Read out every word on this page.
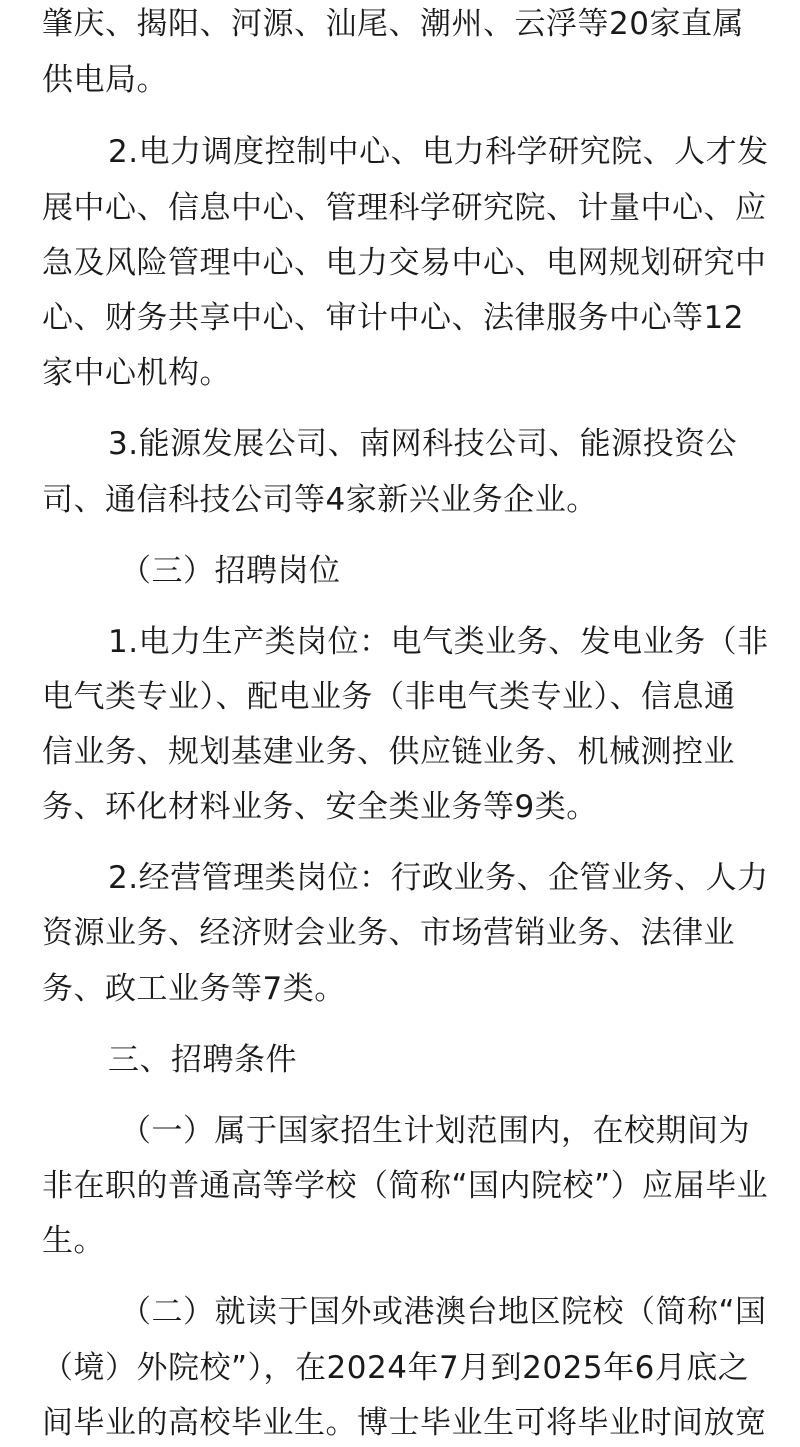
肇庆、揭阳、河源、汕尾、潮州、云浮等20家直属
供电局。
2.电力调度控制中心、电力科学研究院、人才发
展中心、信息中心、管理科学研究院、计量中心、应
急及风险管理中心、电力交易中心、电网规划研究中
心、财务共享中心、审计中心、法律服务中心等12
家中心机构。
3.能源发展公司、南网科技公司、能源投资公
司、通信科技公司等4家新兴业务企业。
（三）招聘岗位
1.电力生产类岗位：电气类业务、发电业务（非
电气类专业）、配电业务（非电气类专业）、信息通
信业务、规划基建业务、供应链业务、机械测控业
务、环化材料业务、安全类业务等9类。
2.经营管理类岗位：行政业务、企管业务、人力
资源业务、经济财会业务、市场营销业务、法律业
务、政工业务等7类。
三、招聘条件
（一）属于国家招生计划范围内，在校期间为
非在职的普通高等学校（简称“国内院校”）应届毕业
生。
（二）就读于国外或港澳台地区院校（简称“国
（境）外院校”），在2024年7月到2025年6月底之
间毕业的高校毕业生。博士毕业生可将毕业时间放宽
